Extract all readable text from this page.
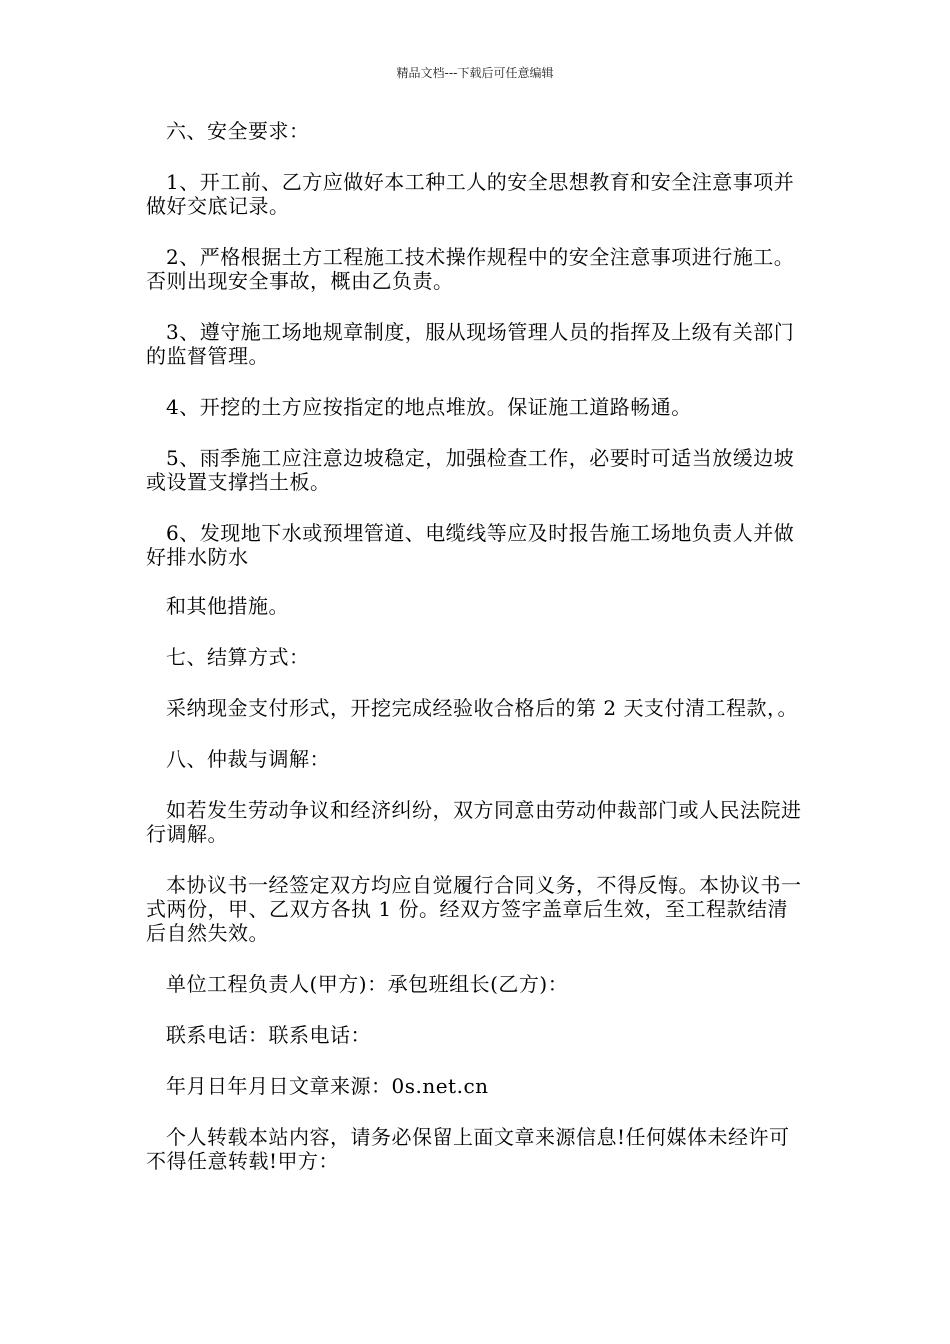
精品文档---下载后可任意编辑

六、安全要求：

1、开工前、乙方应做好本工种工人的安全思想教育和安全注意事项并做好交底记录。

2、严格根据土方工程施工技术操作规程中的安全注意事项进行施工。否则出现安全事故，概由乙负责。

3、遵守施工场地规章制度，服从现场管理人员的指挥及上级有关部门的监督管理。

4、开挖的土方应按指定的地点堆放。保证施工道路畅通。

5、雨季施工应注意边坡稳定，加强检查工作，必要时可适当放缓边坡或设置支撑挡土板。

6、发现地下水或预埋管道、电缆线等应及时报告施工场地负责人并做好排水防水

和其他措施。

七、结算方式：

采纳现金支付形式，开挖完成经验收合格后的第 2 天支付清工程款，。

八、仲裁与调解：

如若发生劳动争议和经济纠纷，双方同意由劳动仲裁部门或人民法院进行调解。

本协议书一经签定双方均应自觉履行合同义务，不得反悔。本协议书一式两份，甲、乙双方各执 1 份。经双方签字盖章后生效，至工程款结清后自然失效。

单位工程负责人(甲方)：承包班组长(乙方)：

联系电话：联系电话：

年月日年月日文章来源：0s.net.cn

个人转载本站内容，请务必保留上面文章来源信息!任何媒体未经许可不得任意转载!甲方：
